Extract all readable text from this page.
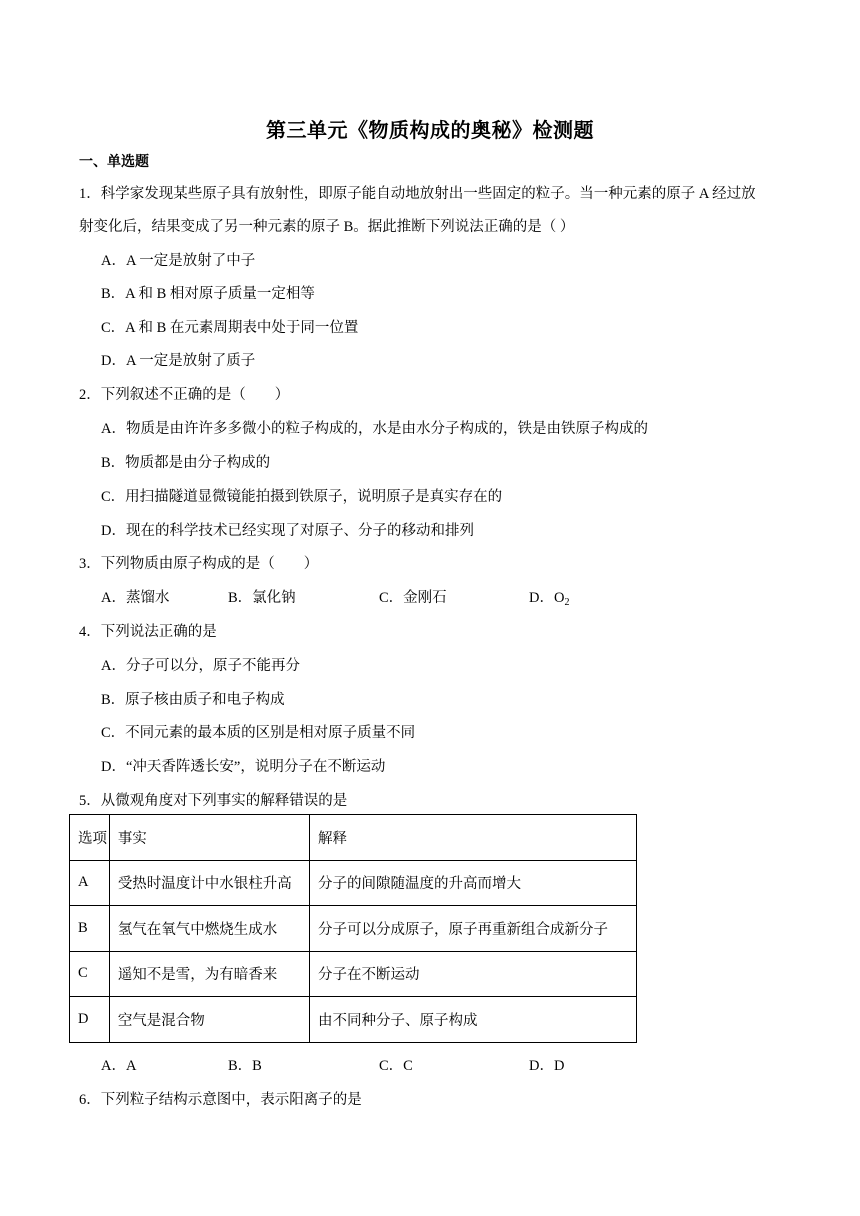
第三单元《物质构成的奥秘》检测题
一、单选题
1．科学家发现某些原子具有放射性，即原子能自动地放射出一些固定的粒子。当一种元素的原子 A 经过放
射变化后，结果变成了另一种元素的原子 B。据此推断下列说法正确的是（ ）
A．A 一定是放射了中子
B．A 和 B 相对原子质量一定相等
C．A 和 B 在元素周期表中处于同一位置
D．A 一定是放射了质子
2．下列叙述不正确的是（　　）
A．物质是由许许多多微小的粒子构成的，水是由水分子构成的，铁是由铁原子构成的
B．物质都是由分子构成的
C．用扫描隧道显微镜能拍摄到铁原子，说明原子是真实存在的
D．现在的科学技术已经实现了对原子、分子的移动和排列
3．下列物质由原子构成的是（　　）
A．蒸馏水	B．氯化钠	C．金刚石	D．$O_2$
4．下列说法正确的是
A．分子可以分，原子不能再分
B．原子核由质子和电子构成
C．不同元素的最本质的区别是相对原子质量不同
D．“冲天香阵透长安”，说明分子在不断运动
5．从微观角度对下列事实的解释错误的是
选项	事实	解释
A	受热时温度计中水银柱升高	分子的间隙随温度的升高而增大
B	氢气在氧气中燃烧生成水	分子可以分成原子，原子再重新组合成新分子
C	遥知不是雪，为有暗香来	分子在不断运动
D	空气是混合物	由不同种分子、原子构成
A．A	B．B	C．C	D．D
6．下列粒子结构示意图中，表示阳离子的是
